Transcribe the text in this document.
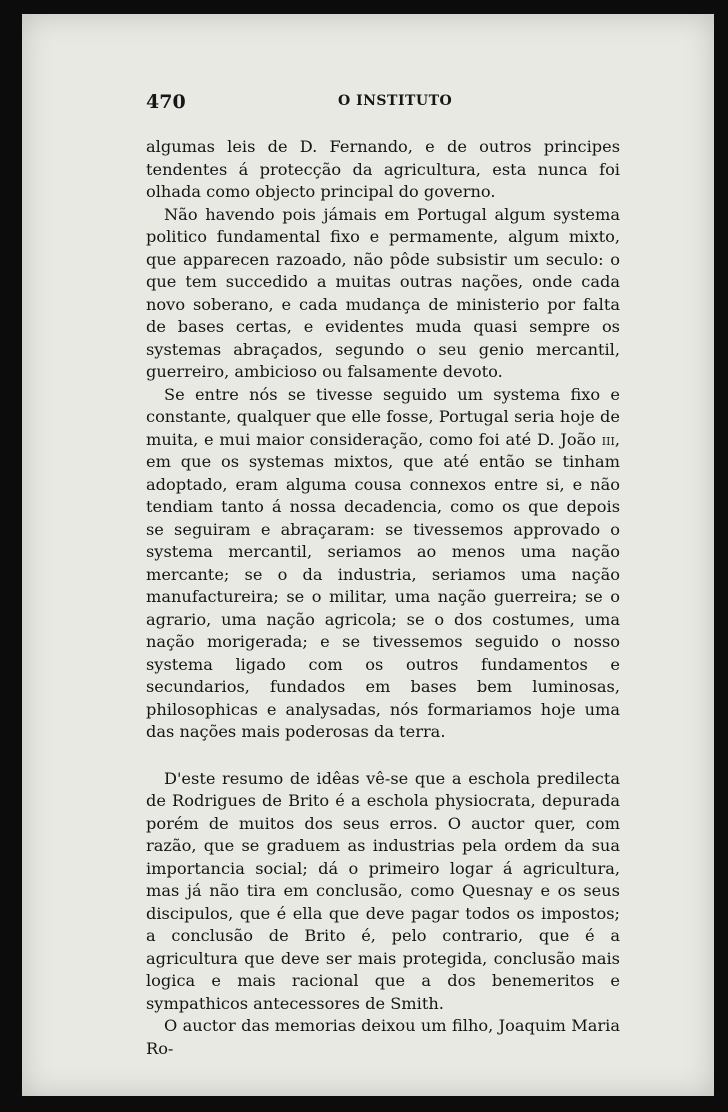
470	O INSTITUTO

algumas leis de D. Fernando, e de outros principes tendentes á protecção da agricultura, esta nunca foi olhada como objecto principal do governo.

Não havendo pois jámais em Portugal algum systema politico fundamental fixo e permamente, algum mixto, que apparecen razoado, não pôde subsistir um seculo: o que tem succedido a muitas outras nações, onde cada novo soberano, e cada mudança de ministerio por falta de bases certas, e evidentes muda quasi sempre os systemas abraçados, segundo o seu genio mercantil, guerreiro, ambicioso ou falsamente devoto.

Se entre nós se tivesse seguido um systema fixo e constante, qualquer que elle fosse, Portugal seria hoje de muita, e mui maior consideração, como foi até D. João iii, em que os systemas mixtos, que até então se tinham adoptado, eram alguma cousa connexos entre si, e não tendiam tanto á nossa decadencia, como os que depois se seguiram e abraçaram: se tivessemos approvado o systema mercantil, seriamos ao menos uma nação mercante; se o da industria, seriamos uma nação manufactureira; se o militar, uma nação guerreira; se o agrario, uma nação agricola; se o dos costumes, uma nação morigerada; e se tivessemos seguido o nosso systema ligado com os outros fundamentos e secundarios, fundados em bases bem luminosas, philosophicas e analysadas, nós formariamos hoje uma das nações mais poderosas da terra.

D'este resumo de idêas vê-se que a eschola predilecta de Rodrigues de Brito é a eschola physiocrata, depurada porém de muitos dos seus erros. O auctor quer, com razão, que se graduem as industrias pela ordem da sua importancia social; dá o primeiro logar á agricultura, mas já não tira em conclusão, como Quesnay e os seus discipulos, que é ella que deve pagar todos os impostos; a conclusão de Brito é, pelo contrario, que é a agricultura que deve ser mais protegida, conclusão mais logica e mais racional que a dos benemeritos e sympathicos antecessores de Smith.

O auctor das memorias deixou um filho, Joaquim Maria Ro-
